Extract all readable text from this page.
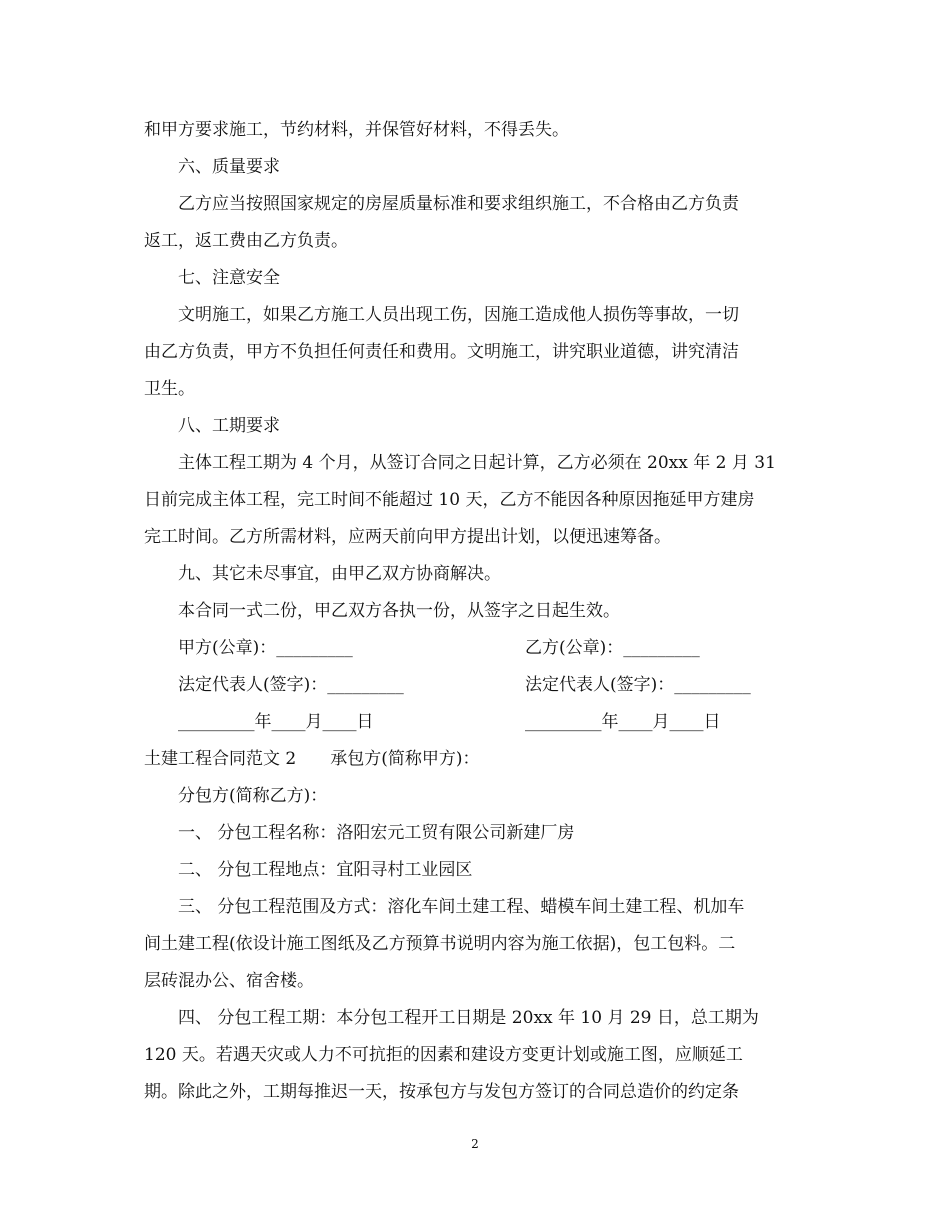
和甲方要求施工，节约材料，并保管好材料，不得丢失。
六、质量要求
乙方应当按照国家规定的房屋质量标准和要求组织施工，不合格由乙方负责
返工，返工费由乙方负责。
七、注意安全
文明施工，如果乙方施工人员出现工伤，因施工造成他人损伤等事故，一切
由乙方负责，甲方不负担任何责任和费用。文明施工，讲究职业道德，讲究清洁
卫生。
八、工期要求
主体工程工期为 4 个月，从签订合同之日起计算，乙方必须在 20xx 年 2 月 31
日前完成主体工程，完工时间不能超过 10 天，乙方不能因各种原因拖延甲方建房
完工时间。乙方所需材料，应两天前向甲方提出计划，以便迅速筹备。
九、其它未尽事宜，由甲乙双方协商解决。
本合同一式二份，甲乙双方各执一份，从签字之日起生效。
甲方(公章)：_________	乙方(公章)：_________
法定代表人(签字)：_________	法定代表人(签字)：_________
_________年____月____日	_________年____月____日
土建工程合同范文 2　　承包方(简称甲方)：
分包方(简称乙方)：
一、 分包工程名称：洛阳宏元工贸有限公司新建厂房
二、 分包工程地点：宜阳寻村工业园区
三、 分包工程范围及方式：溶化车间土建工程、蜡模车间土建工程、机加车
间土建工程(依设计施工图纸及乙方预算书说明内容为施工依据)，包工包料。二
层砖混办公、宿舍楼。
四、 分包工程工期：本分包工程开工日期是 20xx 年 10 月 29 日，总工期为
120 天。若遇天灾或人力不可抗拒的因素和建设方变更计划或施工图，应顺延工
期。除此之外，工期每推迟一天，按承包方与发包方签订的合同总造价的约定条
2
